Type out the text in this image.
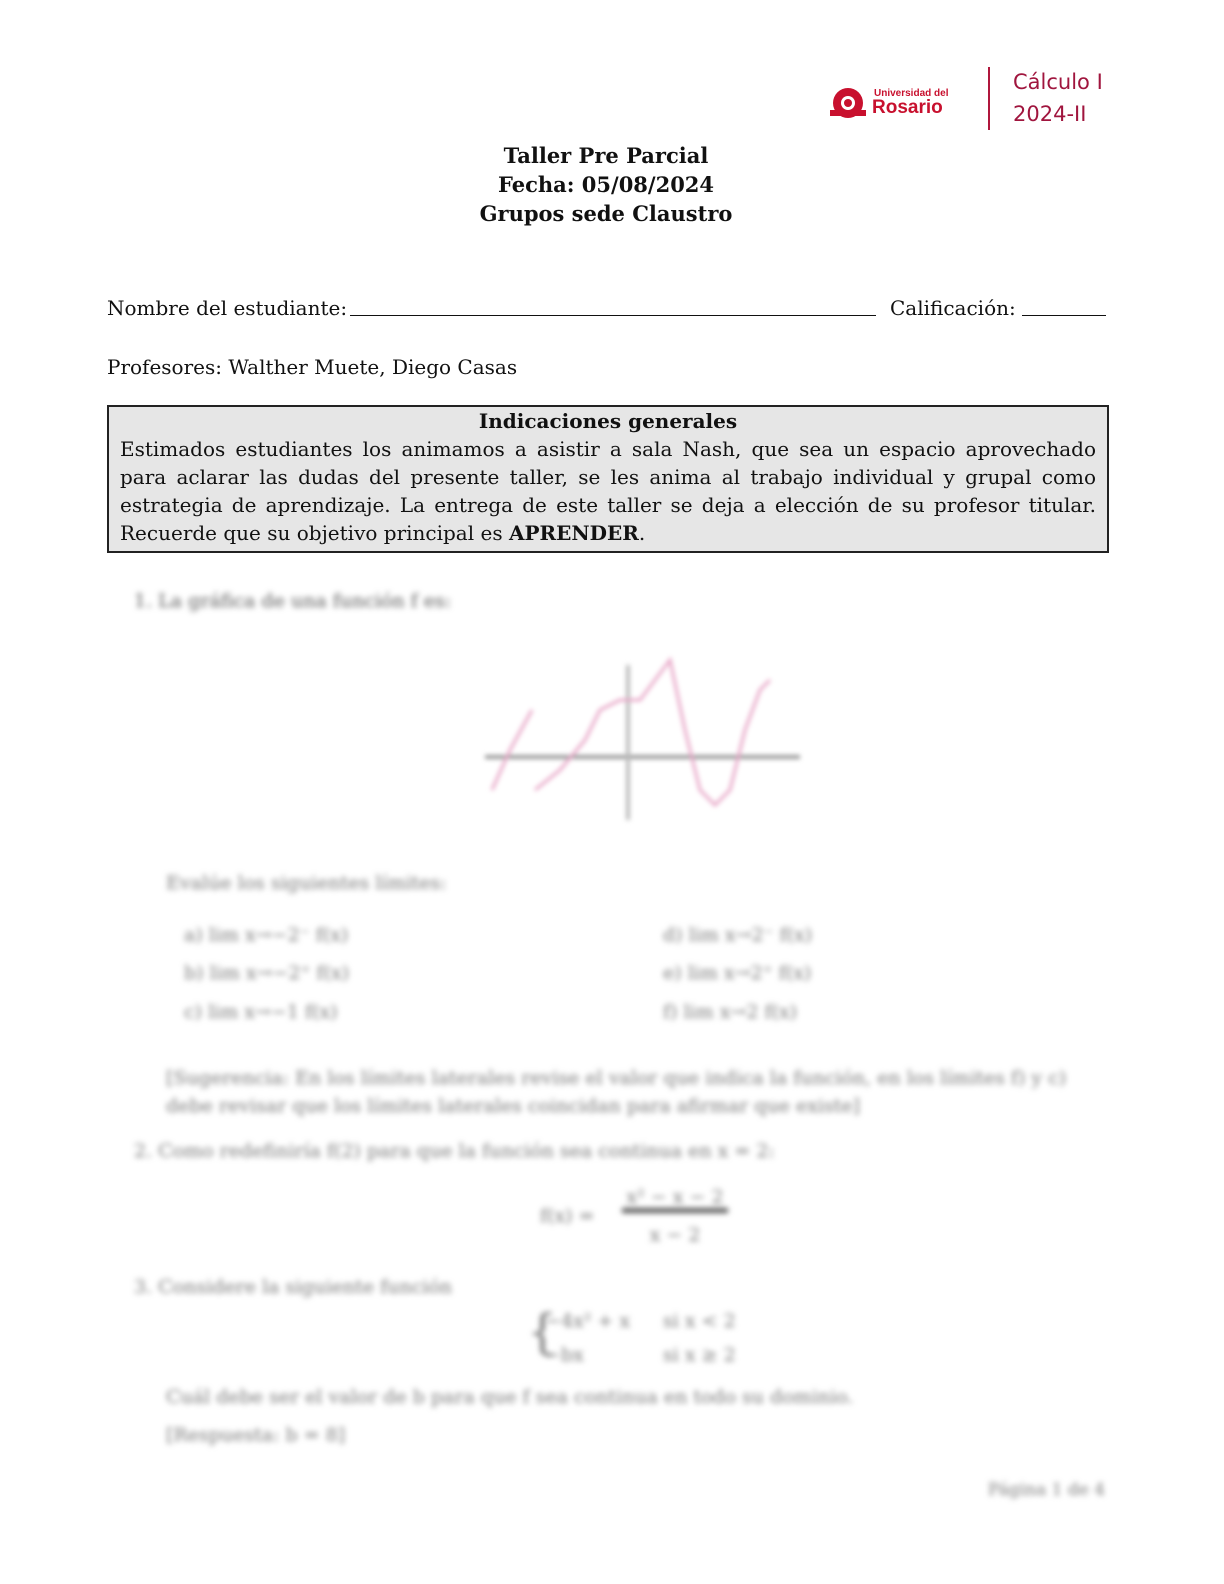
Universidad del
Rosario
Cálculo I
2024-II
Taller Pre Parcial
Fecha: 05/08/2024
Grupos sede Claustro
Nombre del estudiante:	Calificación:
Profesores: Walther Muete, Diego Casas
Indicaciones generales
Estimados estudiantes los animamos a asistir a sala Nash, que sea un espacio aprovechado para aclarar las dudas del presente taller, se les anima al trabajo individual y grupal como estrategia de aprendizaje. La entrega de este taller se deja a elección de su profesor titular. Recuerde que su objetivo principal es APRENDER.
1. La gráfica de una función f es:
Evalúe los siguientes límites:
a) lim x→−2⁻ f(x)
b) lim x→−2⁺ f(x)
c) lim x→−1 f(x)
d) lim x→2⁻ f(x)
e) lim x→2⁺ f(x)
f) lim x→2 f(x)
[Sugerencia: En los límites laterales revise el valor que indica la función, en los límites f) y c) debe revisar que los límites laterales coincidan para afirmar que existe]
2. Como redefiniría f(2) para que la función sea continua en x = 2:
f(x) =
x² − x − 2
x − 2
3. Considere la siguiente función
{
−4x² + x si x < 2
−bx	si x ≥ 2
Cuál debe ser el valor de b para que f sea continua en todo su dominio.
[Respuesta: b = 8]
Página 1 de 4
